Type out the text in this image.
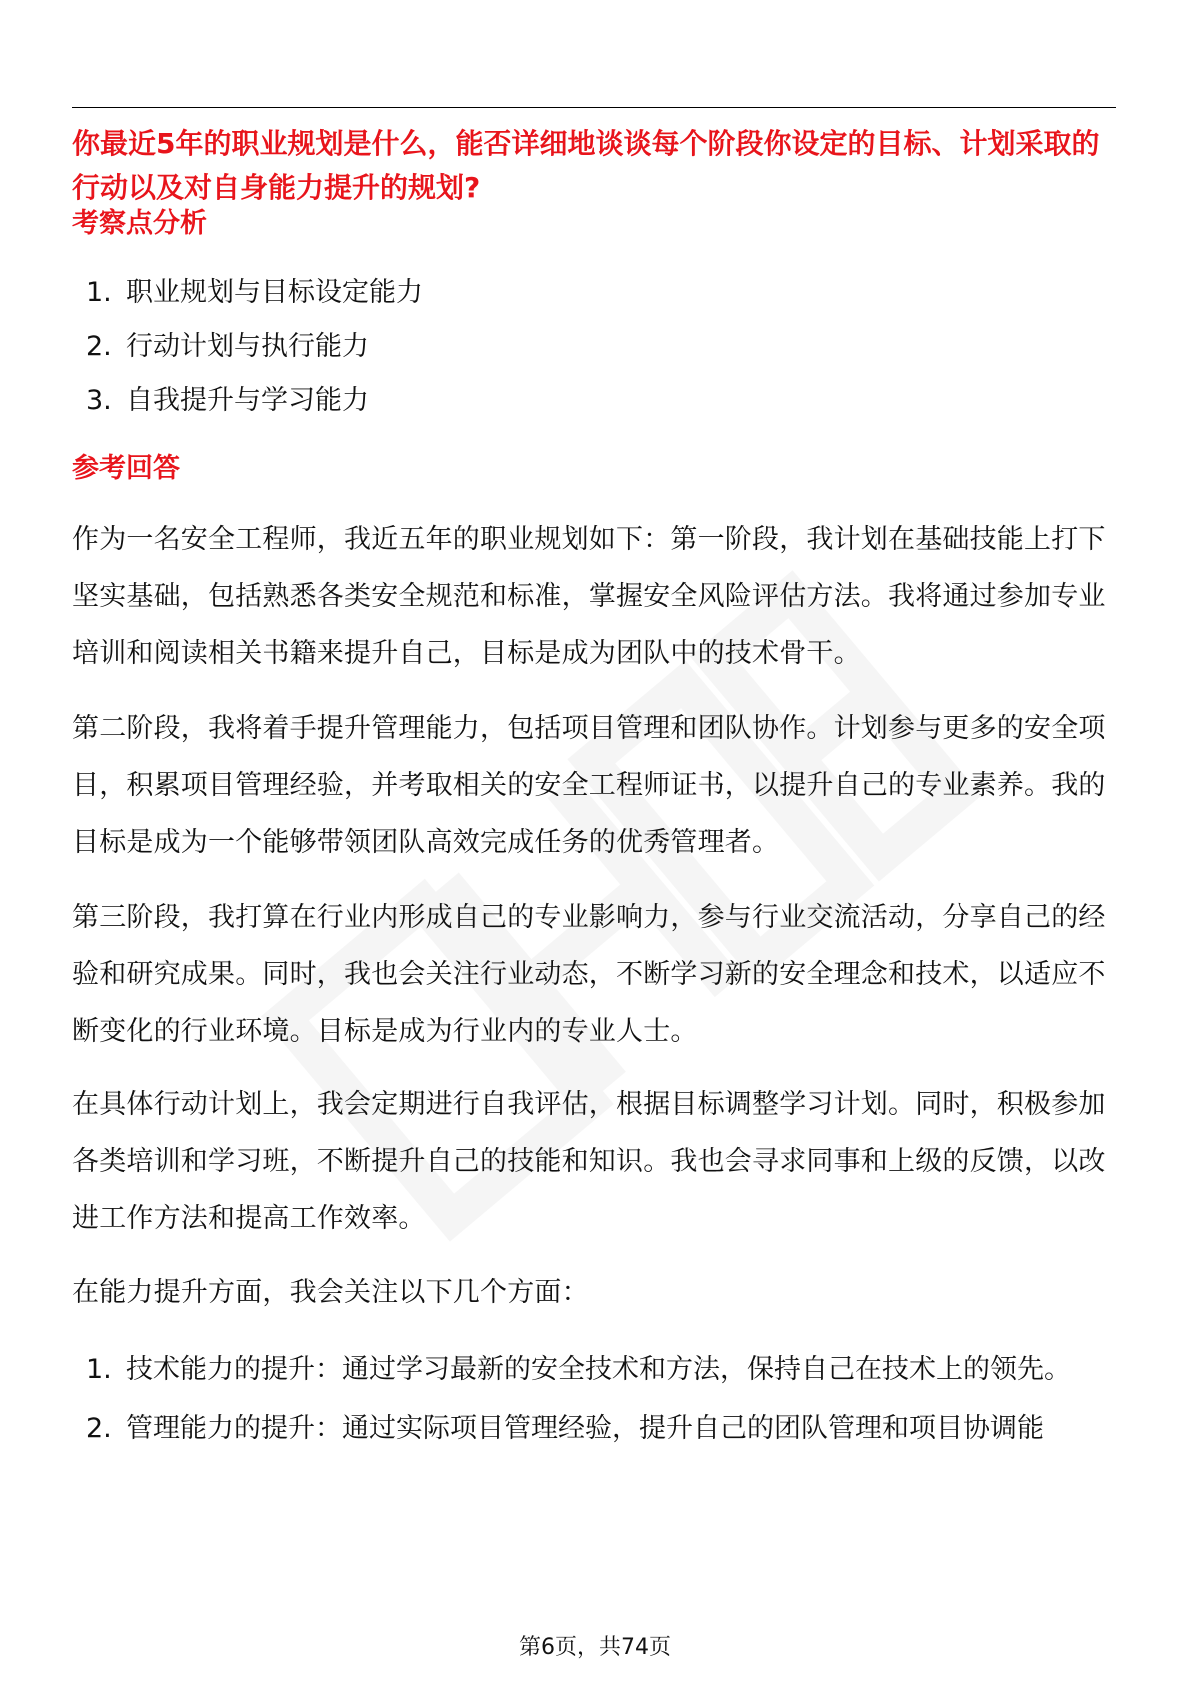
你最近5年的职业规划是什么，能否详细地谈谈每个阶段你设定的目标、计划采取的行动以及对自身能力提升的规划?
考察点分析
1. 职业规划与目标设定能力
2. 行动计划与执行能力
3. 自我提升与学习能力
参考回答

作为一名安全工程师，我近五年的职业规划如下：第一阶段，我计划在基础技能上打下坚实基础，包括熟悉各类安全规范和标准，掌握安全风险评估方法。我将通过参加专业培训和阅读相关书籍来提升自己，目标是成为团队中的技术骨干。

第二阶段，我将着手提升管理能力，包括项目管理和团队协作。计划参与更多的安全项目，积累项目管理经验，并考取相关的安全工程师证书，以提升自己的专业素养。我的目标是成为一个能够带领团队高效完成任务的优秀管理者。

第三阶段，我打算在行业内形成自己的专业影响力，参与行业交流活动，分享自己的经验和研究成果。同时，我也会关注行业动态，不断学习新的安全理念和技术，以适应不断变化的行业环境。目标是成为行业内的专业人士。

在具体行动计划上，我会定期进行自我评估，根据目标调整学习计划。同时，积极参加各类培训和学习班，不断提升自己的技能和知识。我也会寻求同事和上级的反馈，以改进工作方法和提高工作效率。

在能力提升方面，我会关注以下几个方面：

1. 技术能力的提升：通过学习最新的安全技术和方法，保持自己在技术上的领先。
2. 管理能力的提升：通过实际项目管理经验，提升自己的团队管理和项目协调能
第6页，共74页
